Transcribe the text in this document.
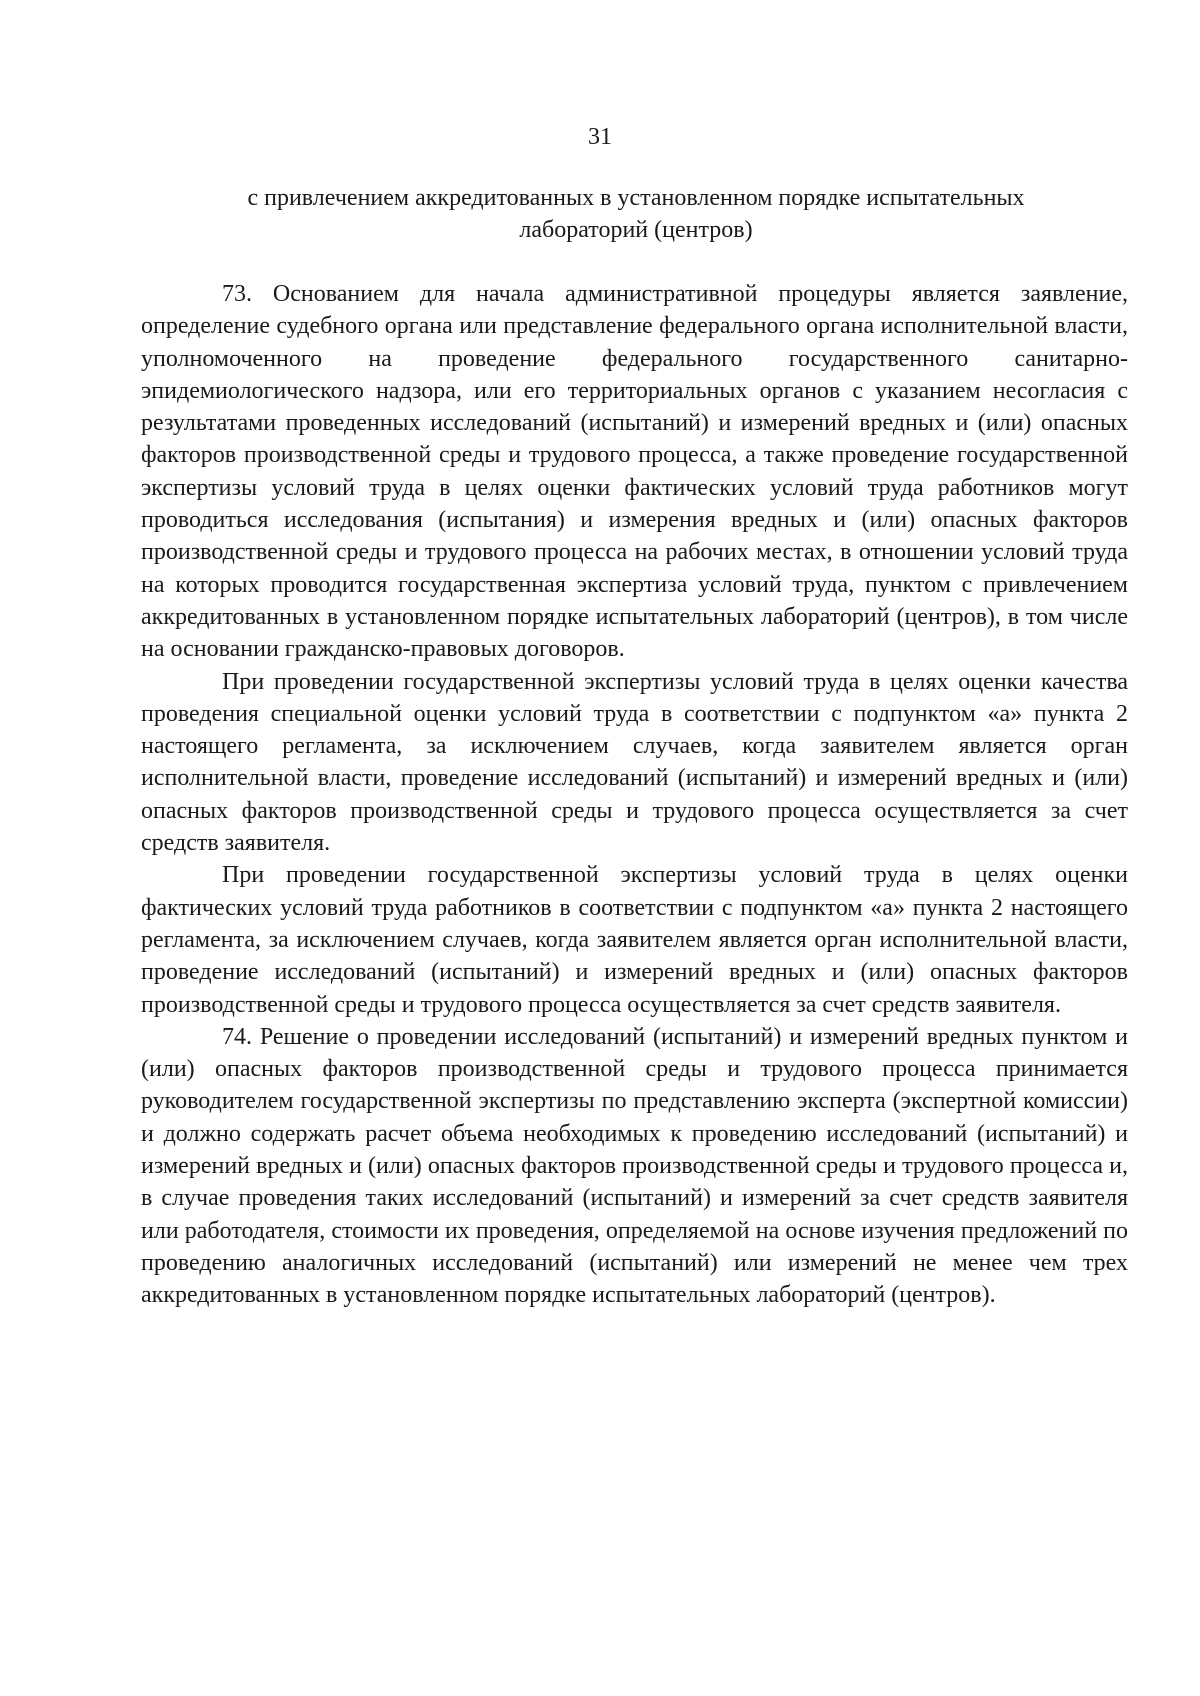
31
с привлечением аккредитованных в установленном порядке испытательных
лабораторий (центров)

73. Основанием для начала административной процедуры является заявление, определение судебного органа или представление федерального органа исполнительной власти, уполномоченного на проведение федерального государственного санитарно-эпидемиологического надзора, или его территориальных органов с указанием несогласия с результатами проведенных исследований (испытаний) и измерений вредных и (или) опасных факторов производственной среды и трудового процесса, а также проведение государственной экспертизы условий труда в целях оценки фактических условий труда работников могут проводиться исследования (испытания) и измерения вредных и (или) опасных факторов производственной среды и трудового процесса на рабочих местах, в отношении условий труда на которых проводится государственная экспертиза условий труда, пунктом с привлечением аккредитованных в установленном порядке испытательных лабораторий (центров), в том числе на основании гражданско-правовых договоров.

При проведении государственной экспертизы условий труда в целях оценки качества проведения специальной оценки условий труда в соответствии с подпунктом «а» пункта 2 настоящего регламента, за исключением случаев, когда заявителем является орган исполнительной власти, проведение исследований (испытаний) и измерений вредных и (или) опасных факторов производственной среды и трудового процесса осуществляется за счет средств заявителя.

При проведении государственной экспертизы условий труда в целях оценки фактических условий труда работников в соответствии с подпунктом «а» пункта 2 настоящего регламента, за исключением случаев, когда заявителем является орган исполнительной власти, проведение исследований (испытаний) и измерений вредных и (или) опасных факторов производственной среды и трудового процесса осуществляется за счет средств заявителя.

74. Решение о проведении исследований (испытаний) и измерений вредных пунктом и (или) опасных факторов производственной среды и трудового процесса принимается руководителем государственной экспертизы по представлению эксперта (экспертной комиссии) и должно содержать расчет объема необходимых к проведению исследований (испытаний) и измерений вредных и (или) опасных факторов производственной среды и трудового процесса и, в случае проведения таких исследований (испытаний) и измерений за счет средств заявителя или работодателя, стоимости их проведения, определяемой на основе изучения предложений по проведению аналогичных исследований (испытаний) или измерений не менее чем трех аккредитованных в установленном порядке испытательных лабораторий (центров).
